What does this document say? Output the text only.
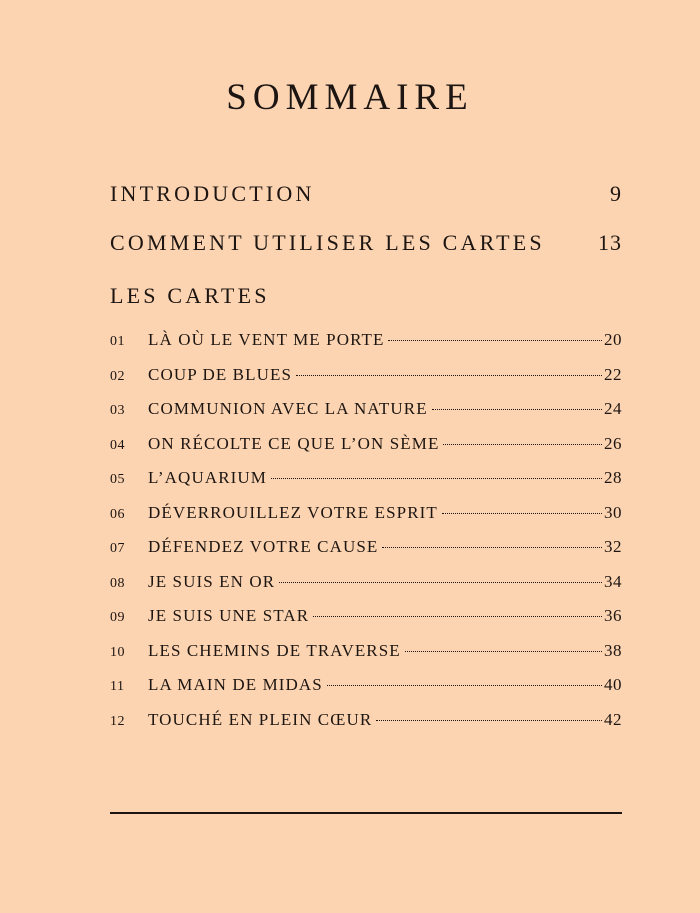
SOMMAIRE
INTRODUCTION	9
COMMENT UTILISER LES CARTES 13
LES CARTES
01	LÀ OÙ LE VENT ME PORTE	20
02	COUP DE BLUES	22
03	COMMUNION AVEC LA NATURE	24
04	ON RÉCOLTE CE QUE L’ON SÈME	26
05	L’AQUARIUM	28
06	DÉVERROUILLEZ VOTRE ESPRIT	30
07	DÉFENDEZ VOTRE CAUSE	32
08	JE SUIS EN OR	34
09	JE SUIS UNE STAR	36
10	LES CHEMINS DE TRAVERSE	38
11	LA MAIN DE MIDAS	40
12	TOUCHÉ EN PLEIN CŒUR	42
